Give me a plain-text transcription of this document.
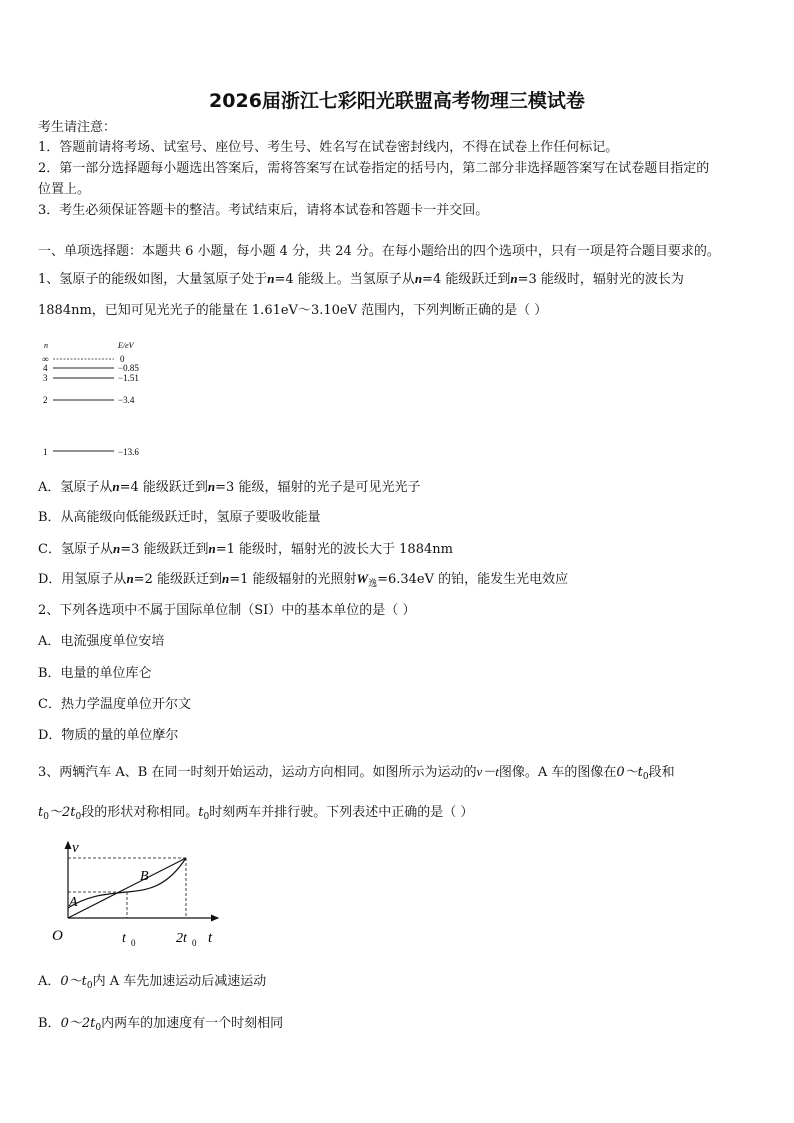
2026届浙江七彩阳光联盟高考物理三模试卷
考生请注意：
1．答题前请将考场、试室号、座位号、考生号、姓名写在试卷密封线内，不得在试卷上作任何标记。
2．第一部分选择题每小题选出答案后，需将答案写在试卷指定的括号内，第二部分非选择题答案写在试卷题目指定的
位置上。
3．考生必须保证答题卡的整洁。考试结束后，请将本试卷和答题卡一并交回。
一、单项选择题：本题共 6 小题，每小题 4 分，共 24 分。在每小题给出的四个选项中，只有一项是符合题目要求的。
1、氢原子的能级如图，大量氢原子处于n=4 能级上。当氢原子从n=4 能级跃迁到n=3 能级时，辐射光的波长为
1884nm，已知可见光光子的能量在 1.61eV～3.10eV 范围内，下列判断正确的是（ ）
n	E/eV
∞	0
4	−0.85
3	−1.51
2	−3.4
1	−13.6
A．氢原子从n=4 能级跃迁到n=3 能级，辐射的光子是可见光光子
B．从高能级向低能级跃迁时，氢原子要吸收能量
C．氢原子从n=3 能级跃迁到n=1 能级时，辐射光的波长大于 1884nm
D．用氢原子从n=2 能级跃迁到n=1 能级辐射的光照射$W_逸=6.34eV$ 的铂，能发生光电效应
2、下列各选项中不属于国际单位制（SI）中的基本单位的是（ ）
A．电流强度单位安培
B．电量的单位库仑
C．热力学温度单位开尔文
D．物质的量的单位摩尔
3、两辆汽车 A、B 在同一时刻开始运动，运动方向相同。如图所示为运动的v－t图像。A 车的图像在$0\sim t_0$段和
$t_0\sim 2t_0$段的形状对称相同。$t_0$时刻两车并排行驶。下列表述中正确的是（ ）
v
t
O
A
B
t 0	2t 0
A．$0\sim t_0$内 A 车先加速运动后减速运动
B．$0\sim 2t_0$内两车的加速度有一个时刻相同
